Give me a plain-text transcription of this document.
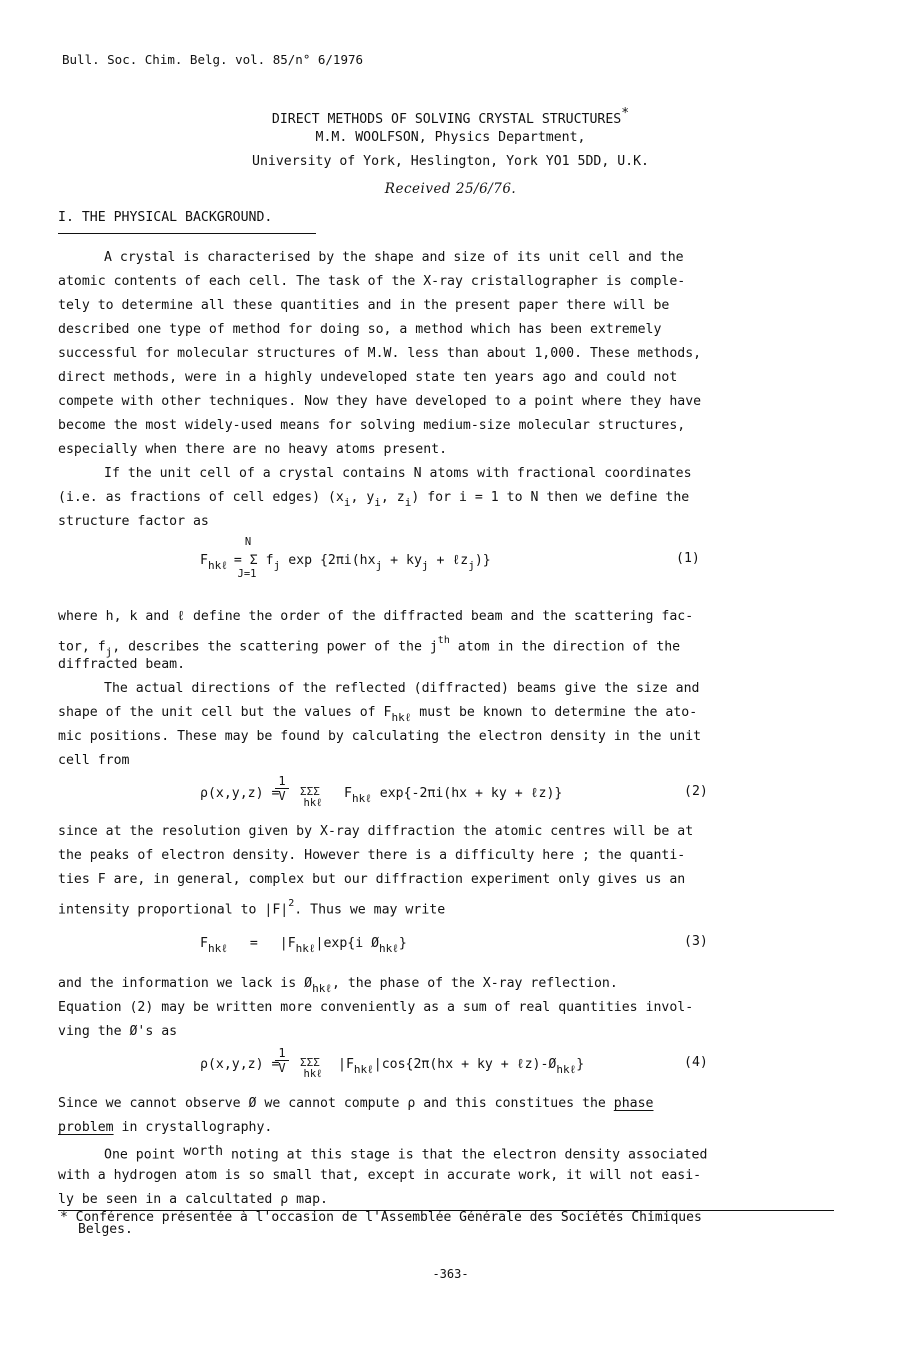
Bull. Soc. Chim. Belg. vol. 85/n° 6/1976
DIRECT METHODS OF SOLVING CRYSTAL STRUCTURES*
M.M. WOOLFSON, Physics Department,
University of York, Heslington, York YO1 5DD, U.K.
Received 25/6/76.
I. THE PHYSICAL BACKGROUND.
A crystal is characterised by the shape and size of its unit cell and the
atomic contents of each cell. The task of the X-ray cristallographer is comple-
tely to determine all these quantities and in the present paper there will be
described one type of method for doing so, a method which has been extremely
successful for molecular structures of M.W. less than about 1,000. These methods,
direct methods, were in a highly undeveloped state ten years ago and could not
compete with other techniques. Now they have developed to a point where they have
become the most widely-used means for solving medium-size molecular structures,
especially when there are no heavy atoms present.
If the unit cell of a crystal contains N atoms with fractional coordinates
(i.e. as fractions of cell edges) ($x_i$, $y_i$, $z_i$) for i = 1 to N then we define the
structure factor as
N
$F_{hk\ell} = \Sigma$ $f_j$ $\exp \{2\pi i(hx_j + ky_j$ + ℓz$_j$)}
J=1
(1)
where h, k and ℓ define the order of the diffracted beam and the scattering fac-
tor, $f_j$, describes the scattering power of the $j^{th}$ atom in the direction of the
diffracted beam.
The actual directions of the reflected (diffracted) beams give the size and
shape of the unit cell but the values of $F_{hk\ell}$ must be known to determine the ato-
mic positions. These may be found by calculating the electron density in the unit
cell from
ρ(x,y,z) =
$\frac{1}{V}$ ΣΣΣ
hkℓ
$F_{hk\ell}$ exp{-2πi(hx + ky + ℓz)}	(2)
since at the resolution given by X-ray diffraction the atomic centres will be at
the peaks of electron density. However there is a difficulty here ; the quanti-
ties F are, in general, complex but our diffraction experiment only gives us an
intensity proportional to $|F|^2$. Thus we may write
$F_{hk\ell} = |F_{hk\ell}|\exp\{i$ $Ø_{hk\ell}$}	(3)
and the information we lack is $Ø_{hk\ell}$, the phase of the X-ray reflection.
Equation (2) may be written more conveniently as a sum of real quantities invol-
ving the Ø's as
ρ(x,y,z) =
$\frac{1}{V}$ ΣΣΣ
hkℓ
$|F_{hk\ell}|\cos\{2\pi(hx$ + ky + $\ell z)-Ø_{hk\ell}$}	(4)
Since we cannot observe Ø we cannot compute ρ and this constitues the phase
problem in crystallography.
One point worth noting at this stage is that the electron density associated
with a hydrogen atom is so small that, except in accurate work, it will not easi-
ly be seen in a calcultated ρ map.
* Conférence présentée à l'occasion de l'Assemblée Générale des Sociétés Chimiques
Belges.
-363-
